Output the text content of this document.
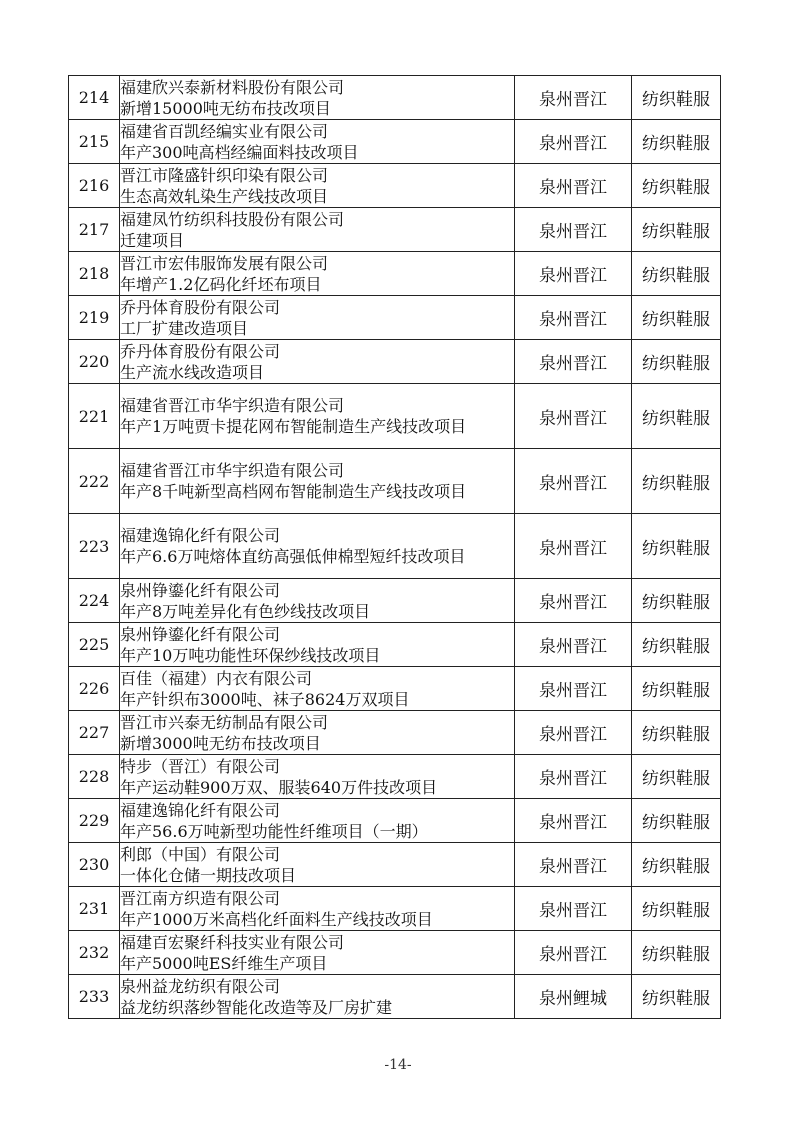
214	福建欣兴泰新材料股份有限公司
新增15000吨无纺布技改项目	泉州晋江	纺织鞋服
215	福建省百凯经编实业有限公司
年产300吨高档经编面料技改项目	泉州晋江	纺织鞋服
216	晋江市隆盛针织印染有限公司
生态高效轧染生产线技改项目	泉州晋江	纺织鞋服
217	福建凤竹纺织科技股份有限公司
迁建项目	泉州晋江	纺织鞋服
218	晋江市宏伟服饰发展有限公司
年增产1.2亿码化纤坯布项目	泉州晋江	纺织鞋服
219	乔丹体育股份有限公司
工厂扩建改造项目	泉州晋江	纺织鞋服
220	乔丹体育股份有限公司
生产流水线改造项目	泉州晋江	纺织鞋服
221	福建省晋江市华宇织造有限公司
年产1万吨贾卡提花网布智能制造生产线技改项目	泉州晋江	纺织鞋服
222	福建省晋江市华宇织造有限公司
年产8千吨新型高档网布智能制造生产线技改项目	泉州晋江	纺织鞋服
223	福建逸锦化纤有限公司
年产6.6万吨熔体直纺高强低伸棉型短纤技改项目	泉州晋江	纺织鞋服
224	泉州铮鎏化纤有限公司
年产8万吨差异化有色纱线技改项目	泉州晋江	纺织鞋服
225	泉州铮鎏化纤有限公司
年产10万吨功能性环保纱线技改项目	泉州晋江	纺织鞋服
226	百佳（福建）内衣有限公司
年产针织布3000吨、袜子8624万双项目	泉州晋江	纺织鞋服
227	晋江市兴泰无纺制品有限公司
新增3000吨无纺布技改项目	泉州晋江	纺织鞋服
228	特步（晋江）有限公司
年产运动鞋900万双、服装640万件技改项目	泉州晋江	纺织鞋服
229	福建逸锦化纤有限公司
年产56.6万吨新型功能性纤维项目（一期）	泉州晋江	纺织鞋服
230	利郎（中国）有限公司
一体化仓储一期技改项目	泉州晋江	纺织鞋服
231	晋江南方织造有限公司
年产1000万米高档化纤面料生产线技改项目	泉州晋江	纺织鞋服
232	福建百宏聚纤科技实业有限公司
年产5000吨ES纤维生产项目	泉州晋江	纺织鞋服
233	泉州益龙纺织有限公司
益龙纺织落纱智能化改造等及厂房扩建	泉州鲤城	纺织鞋服
-14-
